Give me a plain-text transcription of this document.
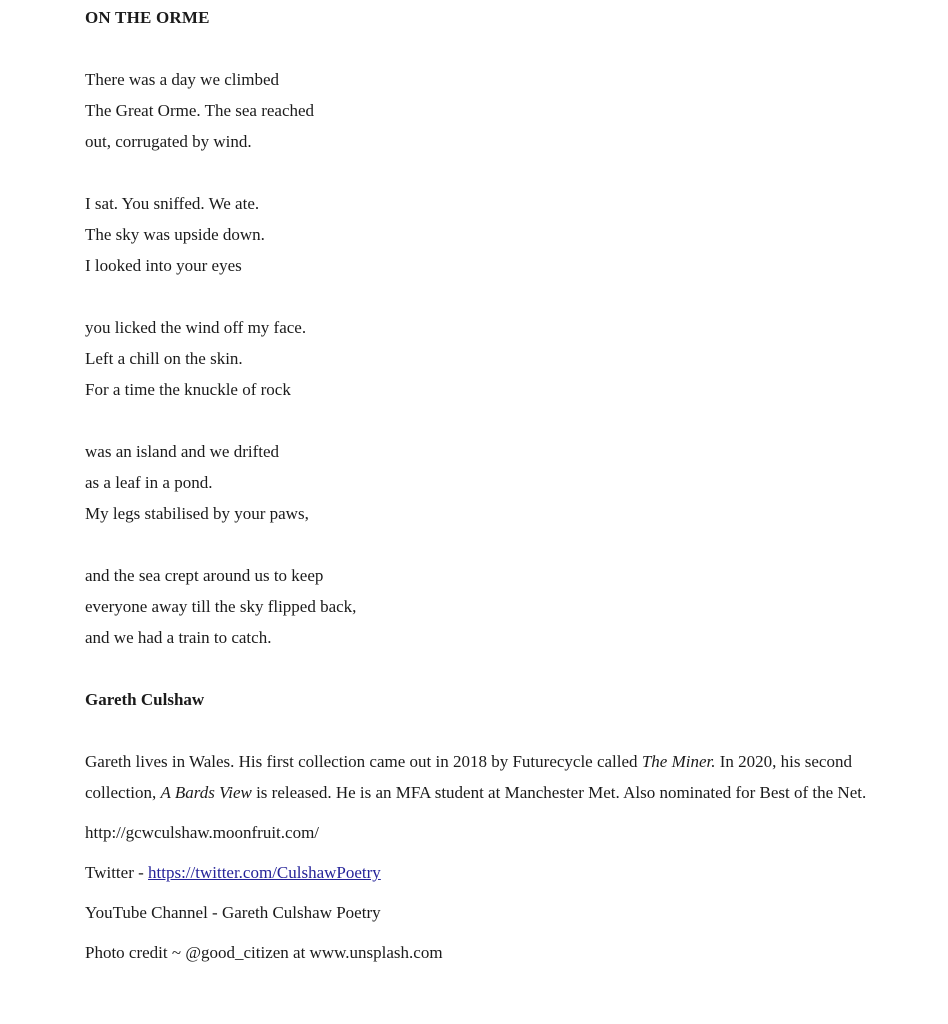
ON THE ORME

There was a day we climbed

The Great Orme. The sea reached

out, corrugated by wind.

I sat. You sniffed. We ate.

The sky was upside down.

I looked into your eyes

you licked the wind off my face.

Left a chill on the skin.

For a time the knuckle of rock

was an island and we drifted

as a leaf in a pond.

My legs stabilised by your paws,

and the sea crept around us to keep

everyone away till the sky flipped back,

and we had a train to catch.

Gareth Culshaw

Gareth lives in Wales. His first collection came out in 2018 by Futurecycle called The Miner. In 2020, his second collection, A Bards View is released. He is an MFA student at Manchester Met. Also nominated for Best of the Net.

http://gcwculshaw.moonfruit.com/

Twitter - https://twitter.com/CulshawPoetry

YouTube Channel - Gareth Culshaw Poetry

Photo credit ~ @good_citizen at www.unsplash.com
